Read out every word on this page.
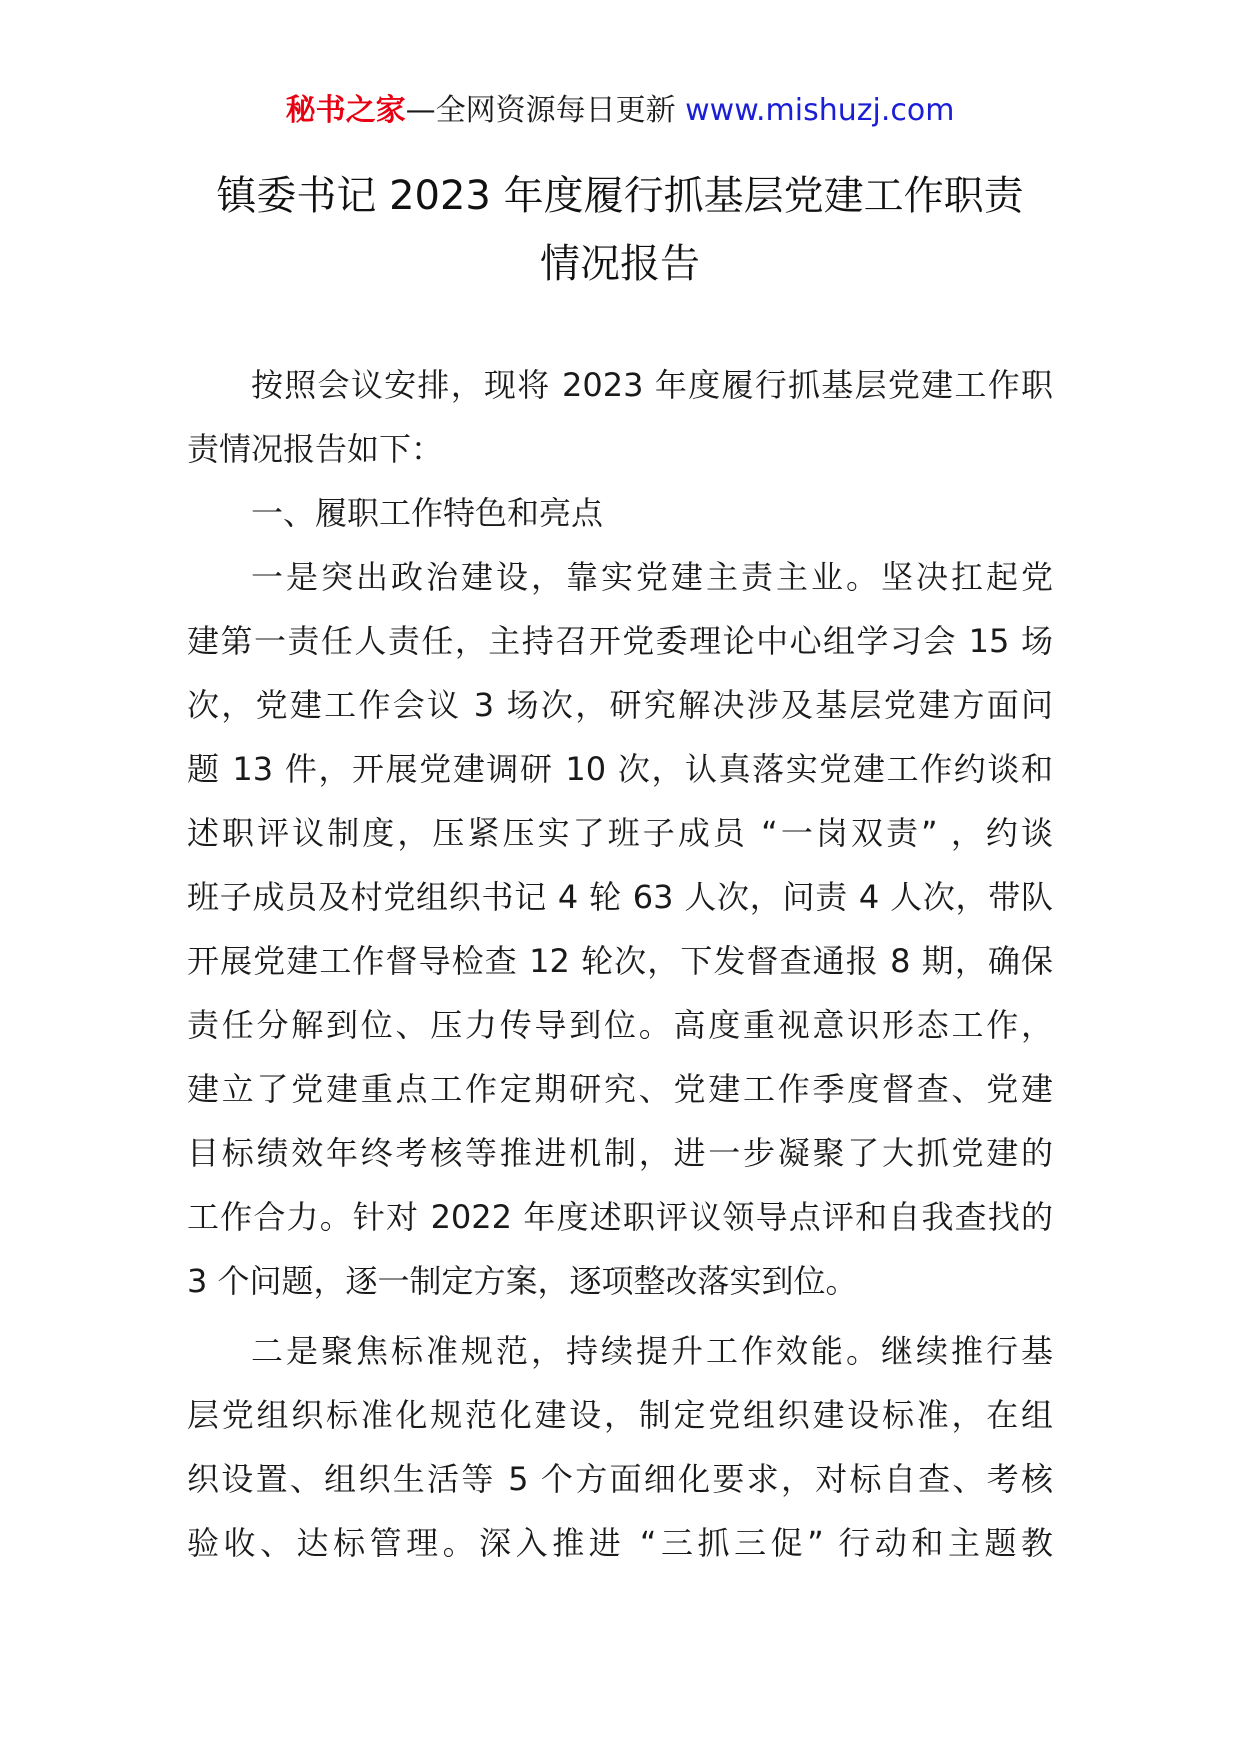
秘书之家—全网资源每日更新 www.mishuzj.com
镇委书记 2023 年度履行抓基层党建工作职责
情况报告
按照会议安排，现将 2023 年度履行抓基层党建工作职
责情况报告如下：
一、履职工作特色和亮点
一是突出政治建设，靠实党建主责主业。坚决扛起党
建第一责任人责任，主持召开党委理论中心组学习会 15 场
次，党建工作会议 3 场次，研究解决涉及基层党建方面问
题 13 件，开展党建调研 10 次，认真落实党建工作约谈和
述职评议制度，压紧压实了班子成员 “一岗双责” ，约谈
班子成员及村党组织书记 4 轮 63 人次，问责 4 人次，带队
开展党建工作督导检查 12 轮次，下发督查通报 8 期，确保
责任分解到位、压力传导到位。高度重视意识形态工作，
建立了党建重点工作定期研究、党建工作季度督查、党建
目标绩效年终考核等推进机制，进一步凝聚了大抓党建的
工作合力。针对 2022 年度述职评议领导点评和自我查找的
3 个问题，逐一制定方案，逐项整改落实到位。
二是聚焦标准规范，持续提升工作效能。继续推行基
层党组织标准化规范化建设，制定党组织建设标准，在组
织设置、组织生活等 5 个方面细化要求，对标自查、考核
验收、达标管理。深入推进 “三抓三促” 行动和主题教
